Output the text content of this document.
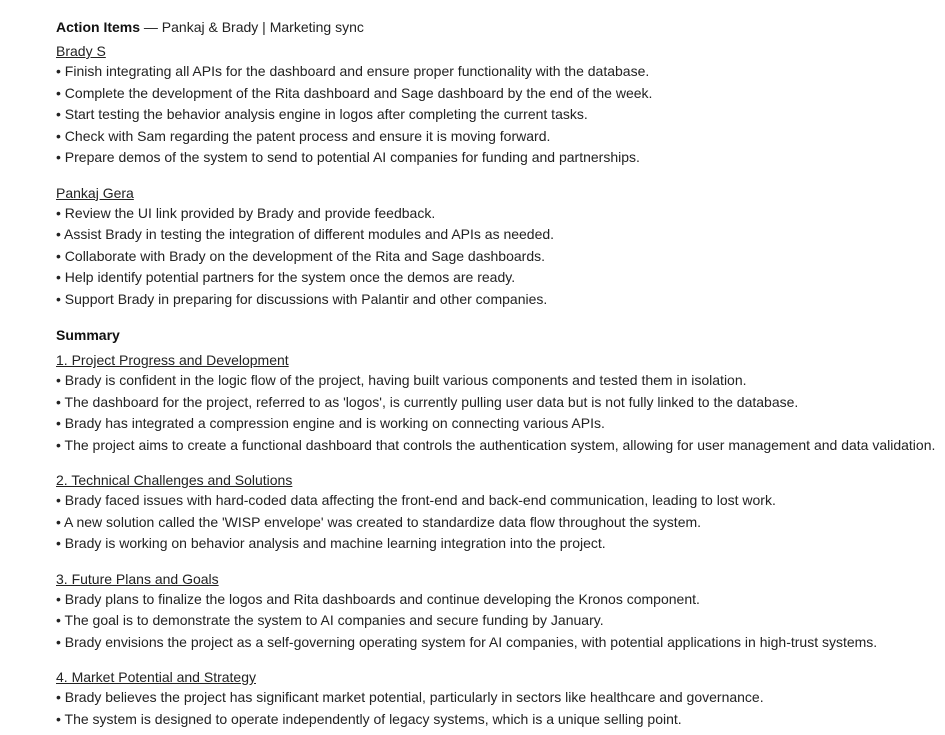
Action Items — Pankaj & Brady | Marketing sync
Brady S
• Finish integrating all APIs for the dashboard and ensure proper functionality with the database.
• Complete the development of the Rita dashboard and Sage dashboard by the end of the week.
• Start testing the behavior analysis engine in logos after completing the current tasks.
• Check with Sam regarding the patent process and ensure it is moving forward.
• Prepare demos of the system to send to potential AI companies for funding and partnerships.
Pankaj Gera
• Review the UI link provided by Brady and provide feedback.
• Assist Brady in testing the integration of different modules and APIs as needed.
• Collaborate with Brady on the development of the Rita and Sage dashboards.
• Help identify potential partners for the system once the demos are ready.
• Support Brady in preparing for discussions with Palantir and other companies.
Summary
1. Project Progress and Development
• Brady is confident in the logic flow of the project, having built various components and tested them in isolation.
• The dashboard for the project, referred to as 'logos', is currently pulling user data but is not fully linked to the database.
• Brady has integrated a compression engine and is working on connecting various APIs.
• The project aims to create a functional dashboard that controls the authentication system, allowing for user management and data validation.
2. Technical Challenges and Solutions
• Brady faced issues with hard-coded data affecting the front-end and back-end communication, leading to lost work.
• A new solution called the 'WISP envelope' was created to standardize data flow throughout the system.
• Brady is working on behavior analysis and machine learning integration into the project.
3. Future Plans and Goals
• Brady plans to finalize the logos and Rita dashboards and continue developing the Kronos component.
• The goal is to demonstrate the system to AI companies and secure funding by January.
• Brady envisions the project as a self-governing operating system for AI companies, with potential applications in high-trust systems.
4. Market Potential and Strategy
• Brady believes the project has significant market potential, particularly in sectors like healthcare and governance.
• The system is designed to operate independently of legacy systems, which is a unique selling point.
